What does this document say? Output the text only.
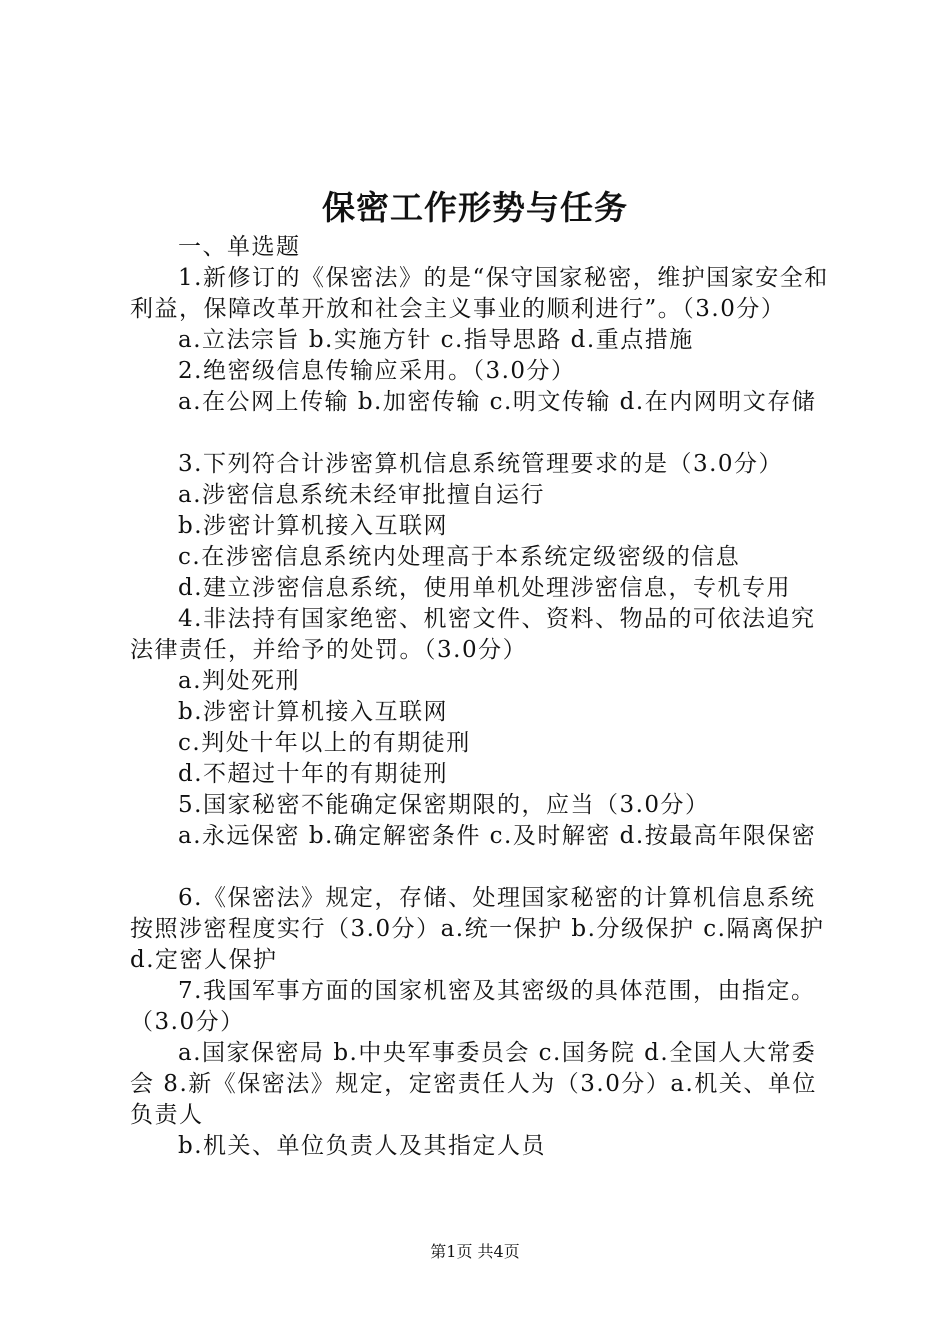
保密工作形势与任务

一、单选题

1.新修订的《保密法》的是“保守国家秘密，维护国家安全和利益，保障改革开放和社会主义事业的顺利进行”。（3.0分）

a.立法宗旨 b.实施方针 c.指导思路 d.重点措施

2.绝密级信息传输应采用。（3.0分）

a.在公网上传输 b.加密传输 c.明文传输 d.在内网明文存储

3.下列符合计涉密算机信息系统管理要求的是（3.0分）

a.涉密信息系统未经审批擅自运行

b.涉密计算机接入互联网

c.在涉密信息系统内处理高于本系统定级密级的信息

d.建立涉密信息系统，使用单机处理涉密信息，专机专用

4.非法持有国家绝密、机密文件、资料、物品的可依法追究法律责任，并给予的处罚。（3.0分）

a.判处死刑

b.涉密计算机接入互联网

c.判处十年以上的有期徒刑

d.不超过十年的有期徒刑

5.国家秘密不能确定保密期限的，应当（3.0分）

a.永远保密 b.确定解密条件 c.及时解密 d.按最高年限保密

6.《保密法》规定，存储、处理国家秘密的计算机信息系统按照涉密程度实行（3.0分）a.统一保护 b.分级保护 c.隔离保护 d.定密人保护

7.我国军事方面的国家机密及其密级的具体范围，由指定。（3.0分）

a.国家保密局 b.中央军事委员会 c.国务院 d.全国人大常委会 8.新《保密法》规定，定密责任人为（3.0分）a.机关、单位负责人

b.机关、单位负责人及其指定人员

第1页 共4页
